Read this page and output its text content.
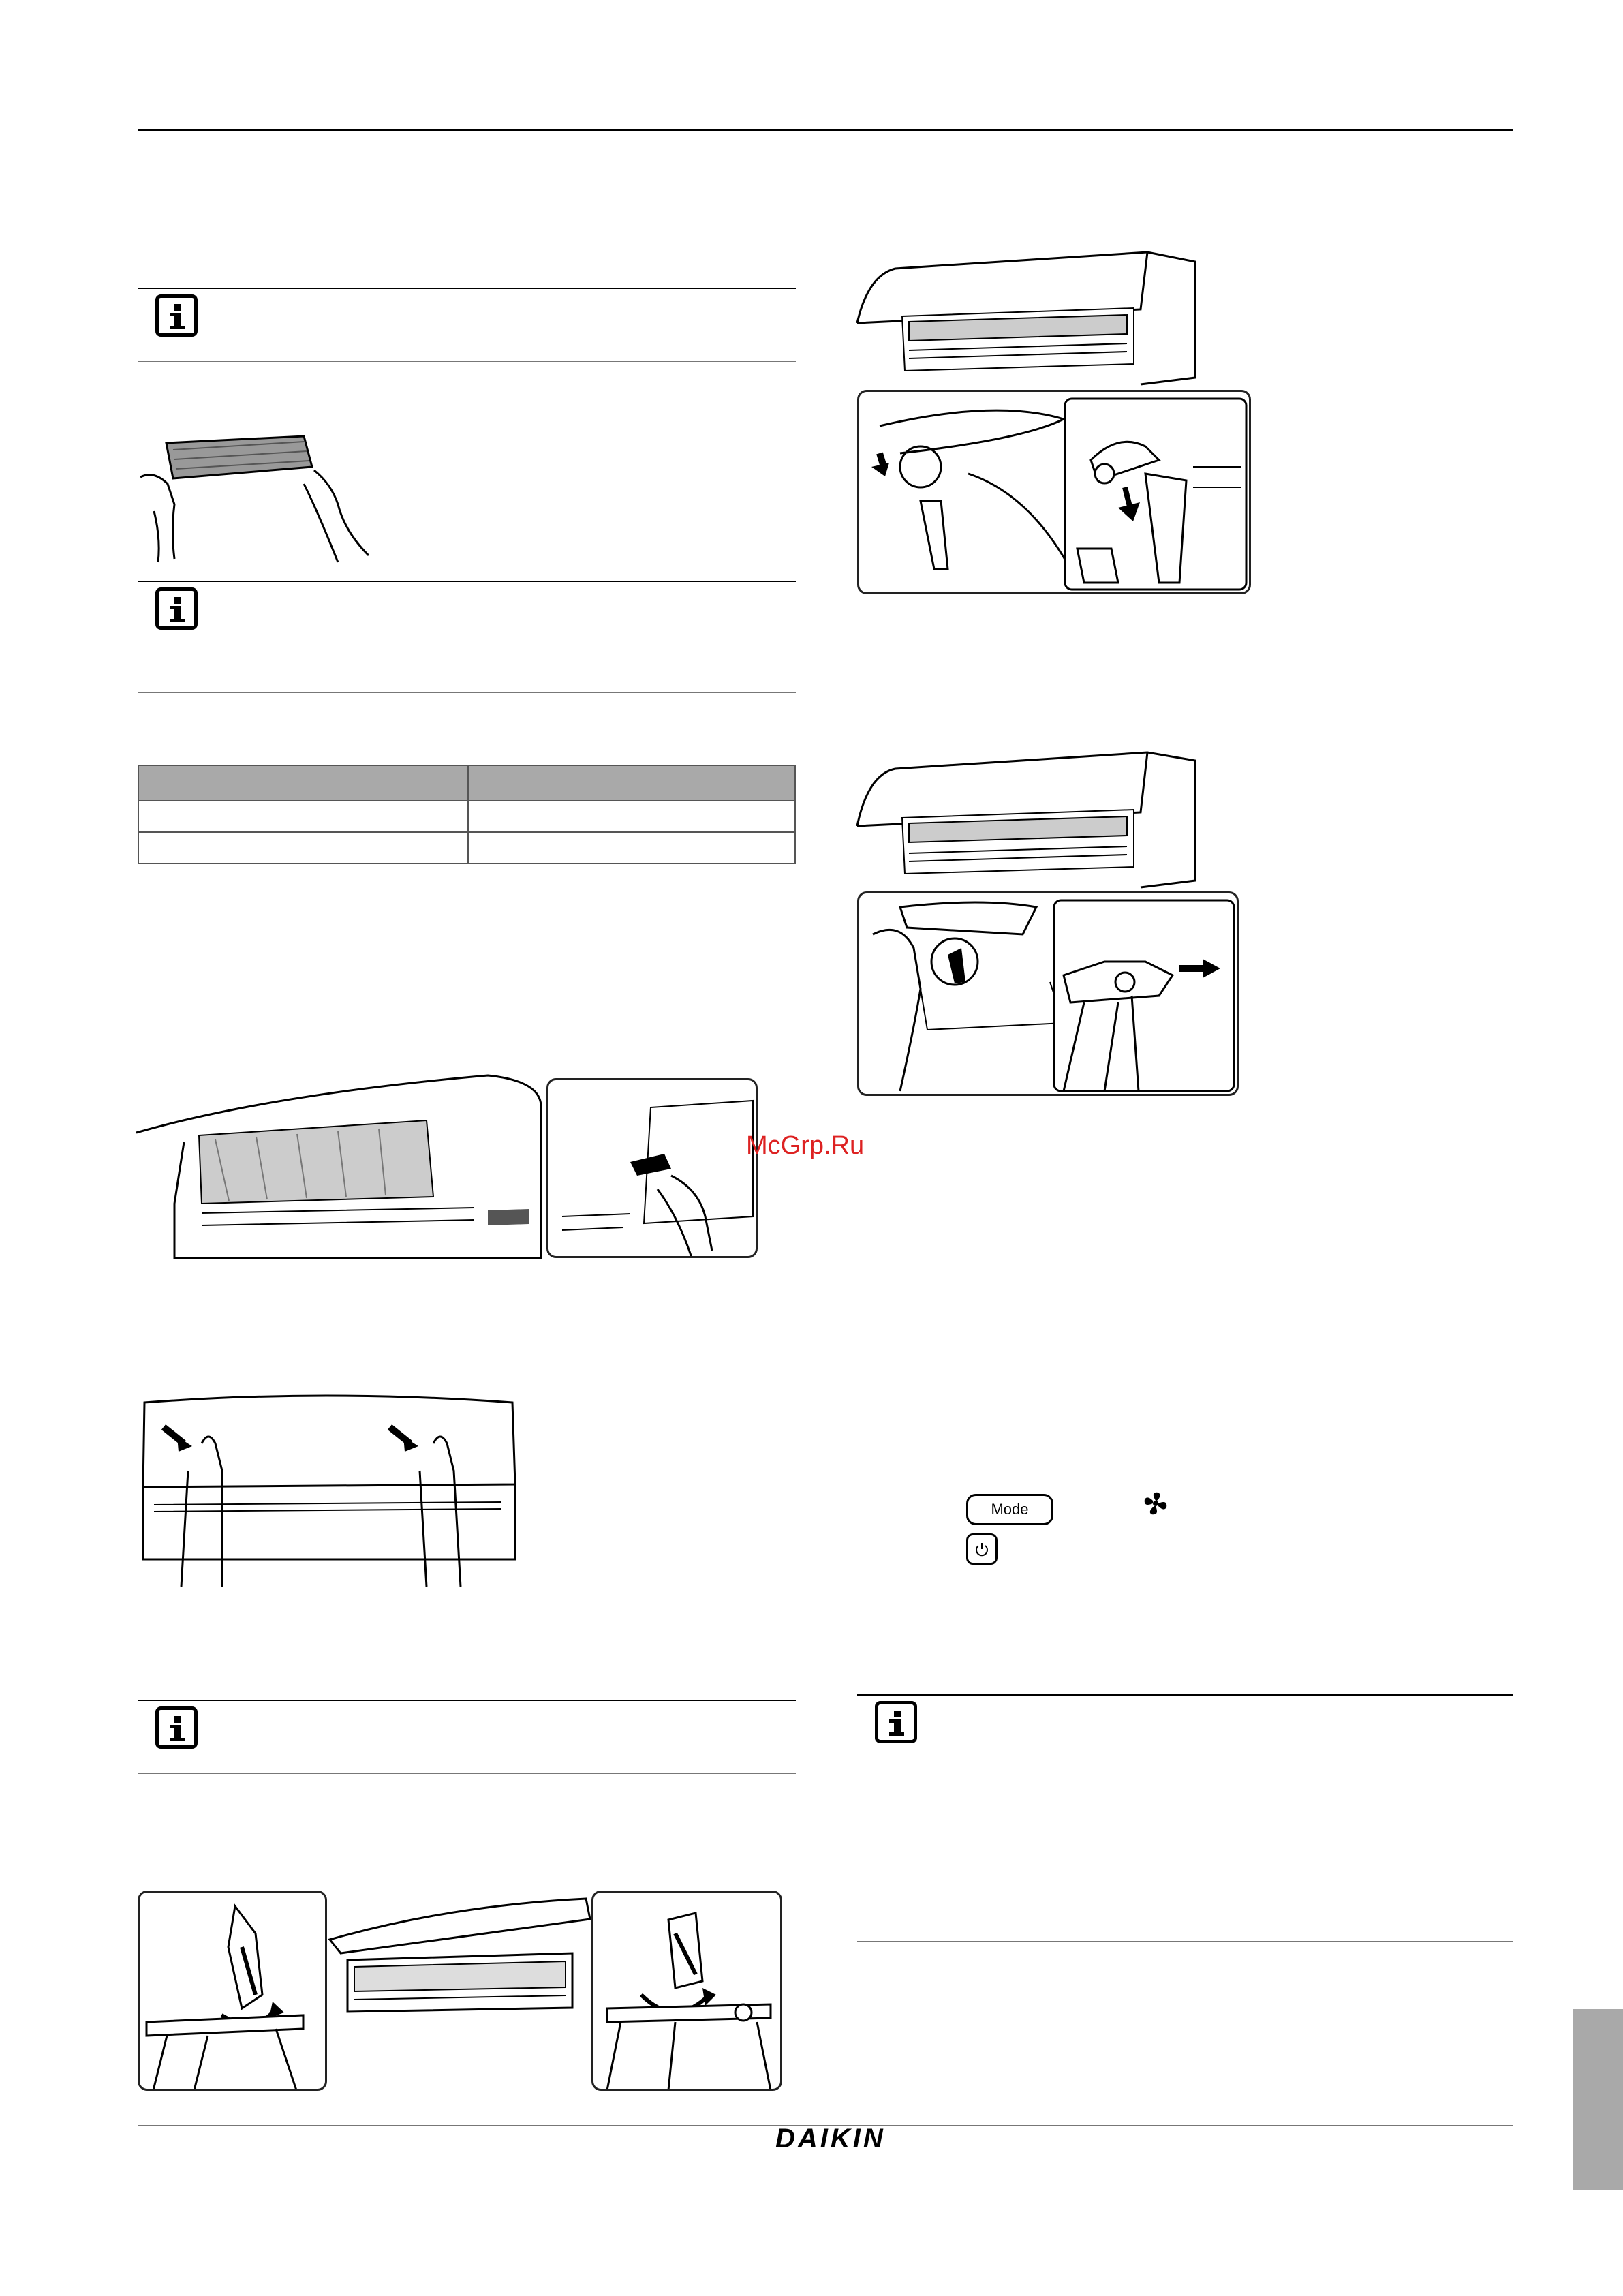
McGrp.Ru
Mode
DAIKIN
